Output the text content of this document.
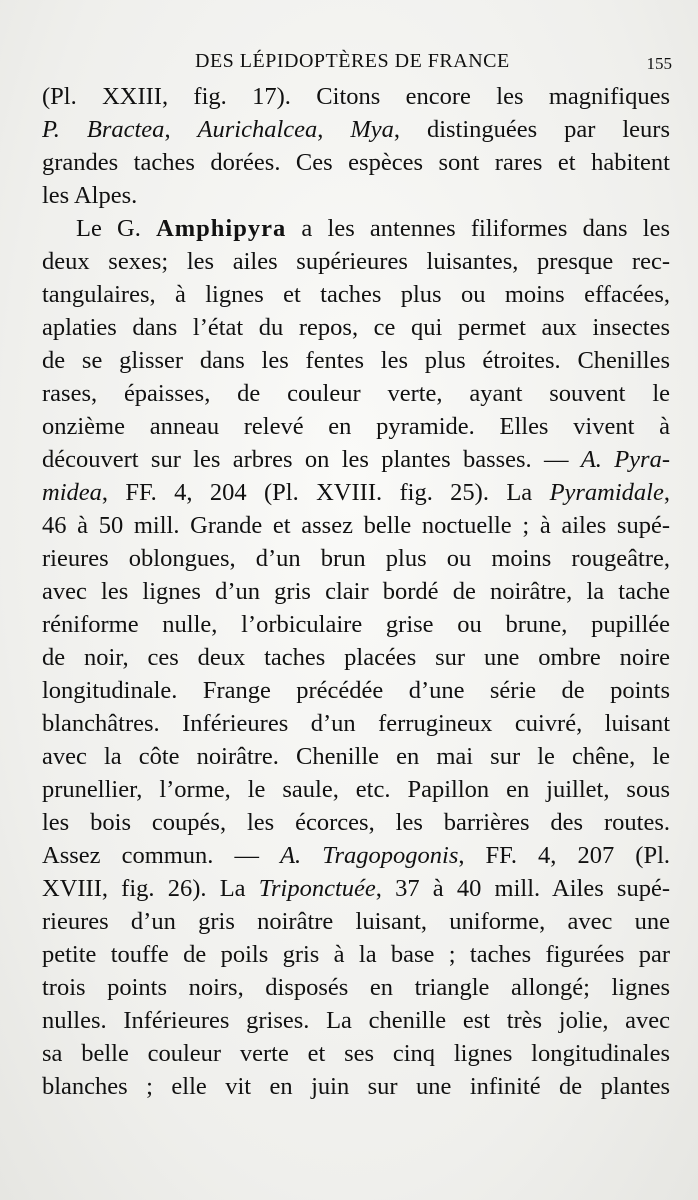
DES LÉPIDOPTÈRES DE FRANCE	155
(Pl. XXIII, fig. 17). Citons encore les magnifiques
P. Bractea, Aurichalcea, Mya, distinguées par leurs
grandes taches dorées. Ces espèces sont rares et habitent
les Alpes.
Le G. Amphipyra a les antennes filiformes dans les
deux sexes; les ailes supérieures luisantes, presque rec-
tangulaires, à lignes et taches plus ou moins effacées,
aplaties dans l’état du repos, ce qui permet aux insectes
de se glisser dans les fentes les plus étroites. Chenilles
rases, épaisses, de couleur verte, ayant souvent le
onzième anneau relevé en pyramide. Elles vivent à
découvert sur les arbres on les plantes basses. — A. Pyra-
midea, FF. 4, 204 (Pl. XVIII. fig. 25). La Pyramidale,
46 à 50 mill. Grande et assez belle noctuelle ; à ailes supé-
rieures oblongues, d’un brun plus ou moins rougeâtre,
avec les lignes d’un gris clair bordé de noirâtre, la tache
réniforme nulle, l’orbiculaire grise ou brune, pupillée
de noir, ces deux taches placées sur une ombre noire
longitudinale. Frange précédée d’une série de points
blanchâtres. Inférieures d’un ferrugineux cuivré, luisant
avec la côte noirâtre. Chenille en mai sur le chêne, le
prunellier, l’orme, le saule, etc. Papillon en juillet, sous
les bois coupés, les écorces, les barrières des routes.
Assez commun. — A. Tragopogonis, FF. 4, 207 (Pl.
XVIII, fig. 26). La Triponctuée, 37 à 40 mill. Ailes supé-
rieures d’un gris noirâtre luisant, uniforme, avec une
petite touffe de poils gris à la base ; taches figurées par
trois points noirs, disposés en triangle allongé; lignes
nulles. Inférieures grises. La chenille est très jolie, avec
sa belle couleur verte et ses cinq lignes longitudinales
blanches ; elle vit en juin sur une infinité de plantes
